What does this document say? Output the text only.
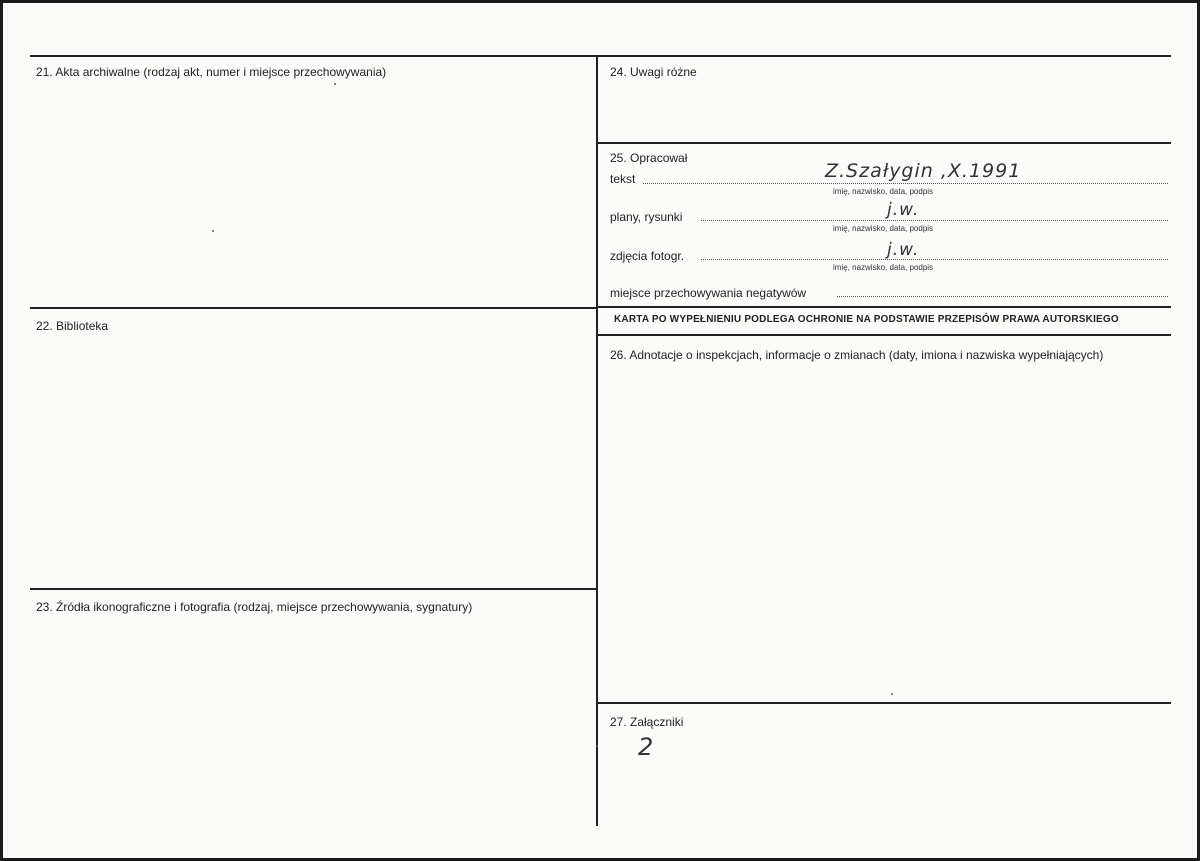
21. Akta archiwalne (rodzaj akt, numer i miejsce przechowywania)
22. Biblioteka
23. Źródła ikonograficzne i fotografia (rodzaj, miejsce przechowywania, sygnatury)
24. Uwagi różne
25. Opracował
tekst	Z.Szałygin ,X.1991
imię, nazwisko, data, podpis
plany, rysunki	j.w.
imię, nazwisko, data, podpis
zdjęcia fotogr.	j.w.
imię, nazwisko, data, podpis
miejsce przechowywania negatywów
KARTA PO WYPEŁNIENIU PODLEGA OCHRONIE NA PODSTAWIE PRZEPISÓW PRAWA AUTORSKIEGO
26. Adnotacje o inspekcjach, informacje o zmianach (daty, imiona i nazwiska wypełniających)
27. Załączniki
2
